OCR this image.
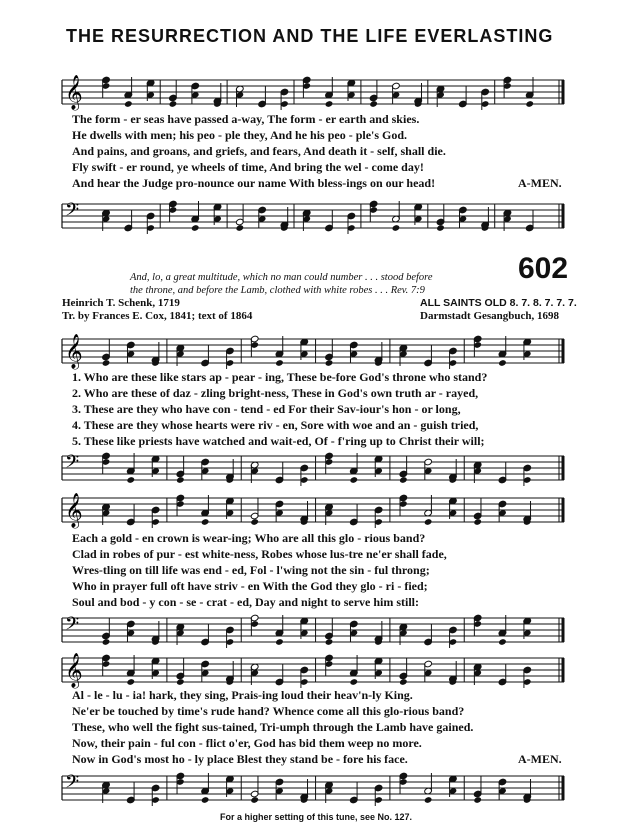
THE RESURRECTION AND THE LIFE EVERLASTING
𝄞
The form - er seas have passed a-way, The form - er earth and skies.
He dwells with men; his peo - ple they, And he his peo - ple's God.
And pains, and groans, and griefs, and fears, And death it - self, shall die.
Fly swift - er round, ye wheels of time, And bring the wel - come day!
And hear the Judge pro-nounce our name With bless-ings on our head!	A-MEN.
𝄢
602
And, lo, a great multitude, which no man could number . . . stood before
the throne, and before the Lamb, clothed with white robes . . . Rev. 7:9
Heinrich T. Schenk, 1719
Tr. by Frances E. Cox, 1841; text of 1864
ALL SAINTS OLD 8. 7. 8. 7. 7. 7.
Darmstadt Gesangbuch, 1698
𝄞
1. Who are these like stars ap - pear - ing, These be-fore God's throne who stand?
2. Who are these of daz - zling bright-ness, These in God's own truth ar - rayed,
3. These are they who have con - tend - ed For their Sav-iour's hon - or long,
4. These are they whose hearts were riv - en, Sore with woe and an - guish tried,
5. These like priests have watched and wait-ed, Of - f'ring up to Christ their will;
𝄢
𝄞
Each a gold - en crown is wear-ing; Who are all this glo - rious band?
Clad in robes of pur - est white-ness, Robes whose lus-tre ne'er shall fade,
Wres-tling on till life was end - ed, Fol - l'wing not the sin - ful throng;
Who in prayer full oft have striv - en With the God they glo - ri - fied;
Soul and bod - y con - se - crat - ed, Day and night to serve him still:
𝄢
𝄞
Al - le - lu - ia! hark, they sing, Prais-ing loud their heav'n-ly King.
Ne'er be touched by time's rude hand? Whence come all this glo-rious band?
These, who well the fight sus-tained, Tri-umph through the Lamb have gained.
Now, their pain - ful con - flict o'er, God has bid them weep no more.
Now in God's most ho - ly place Blest they stand be - fore his face.	A-MEN.
𝄢
For a higher setting of this tune, see No. 127.
